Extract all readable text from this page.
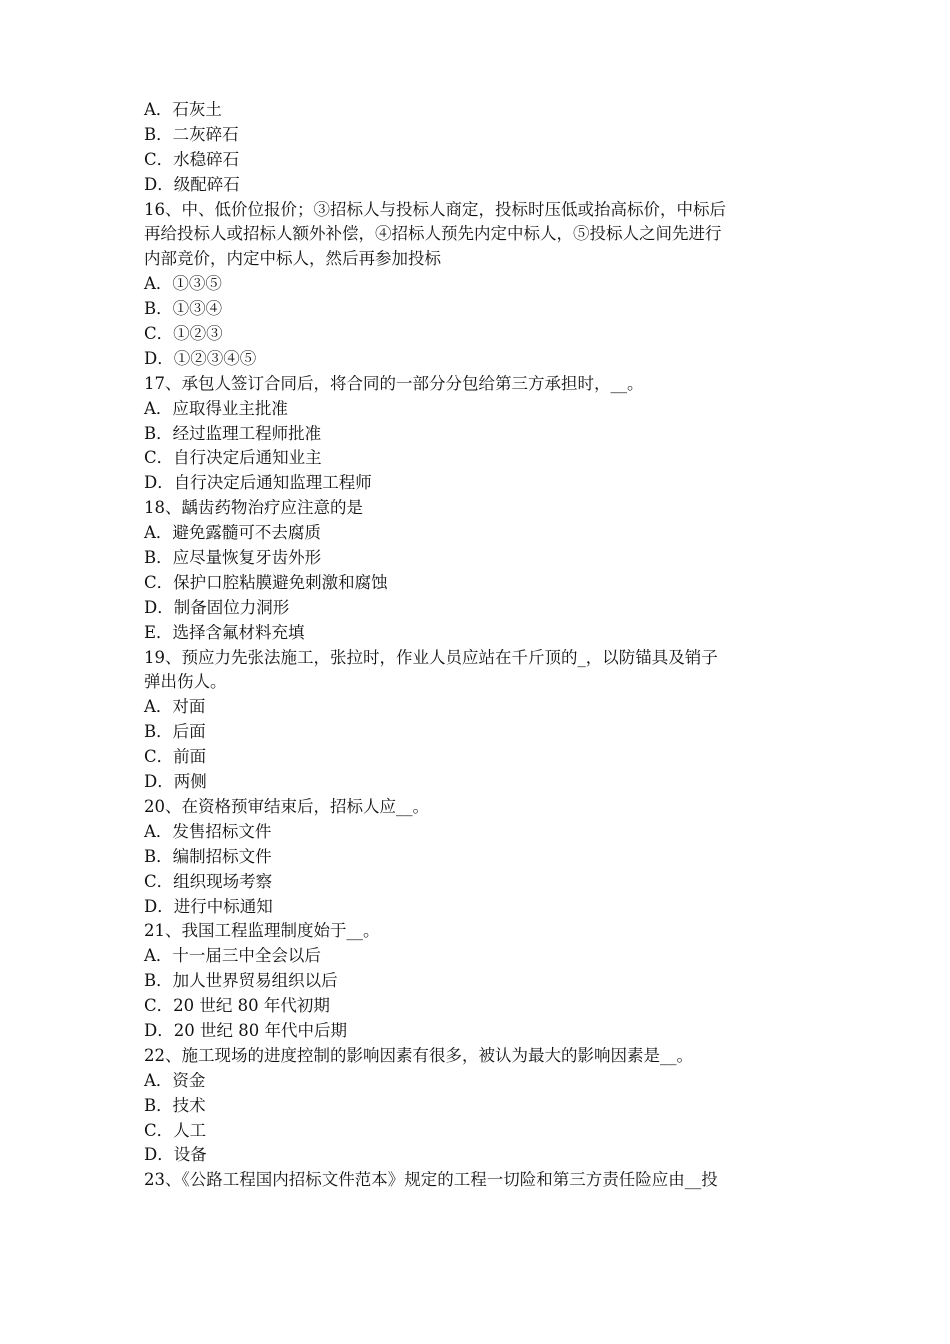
A．石灰土
B．二灰碎石
C．水稳碎石
D．级配碎石
16、中、低价位报价；③招标人与投标人商定，投标时压低或抬高标价，中标后
再给投标人或招标人额外补偿，④招标人预先内定中标人，⑤投标人之间先进行
内部竞价，内定中标人，然后再参加投标
A．①③⑤
B．①③④
C．①②③
D．①②③④⑤
17、承包人签订合同后，将合同的一部分分包给第三方承担时，__。
A．应取得业主批准
B．经过监理工程师批准
C．自行决定后通知业主
D．自行决定后通知监理工程师
18、龋齿药物治疗应注意的是
A．避免露髓可不去腐质
B．应尽量恢复牙齿外形
C．保护口腔粘膜避免刺激和腐蚀
D．制备固位力洞形
E．选择含氟材料充填
19、预应力先张法施工，张拉时，作业人员应站在千斤顶的_，以防锚具及销子
弹出伤人。
A．对面
B．后面
C．前面
D．两侧
20、在资格预审结束后，招标人应__。
A．发售招标文件
B．编制招标文件
C．组织现场考察
D．进行中标通知
21、我国工程监理制度始于__。
A．十一届三中全会以后
B．加人世界贸易组织以后
C．20 世纪 80 年代初期
D．20 世纪 80 年代中后期
22、施工现场的进度控制的影响因素有很多，被认为最大的影响因素是__。
A．资金
B．技术
C．人工
D．设备
23、《公路工程国内招标文件范本》规定的工程一切险和第三方责任险应由__投
